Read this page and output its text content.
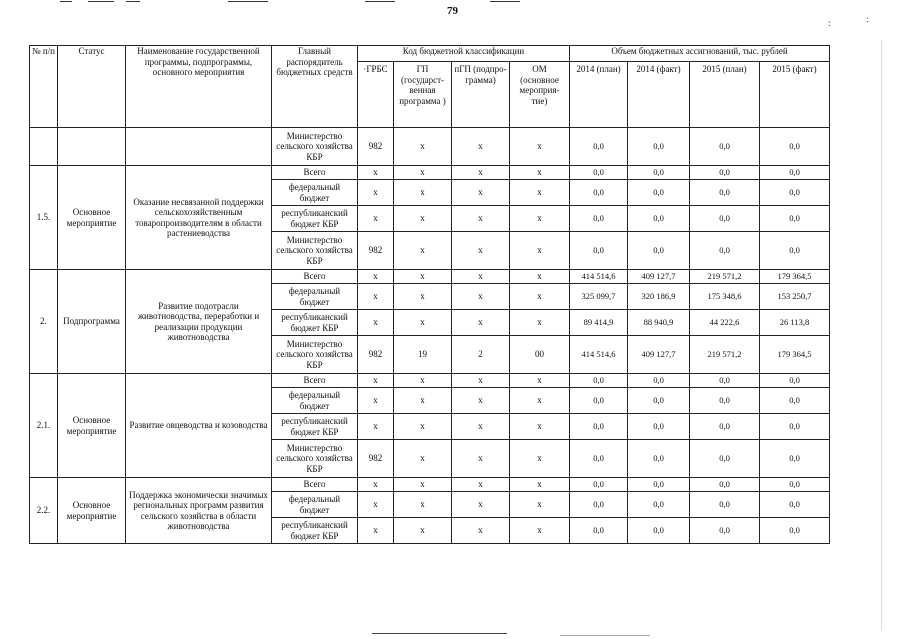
79
:	:
№ п/п	Статус	Наименование государственной программы, подпрограммы, основного мероприятия	Главный распорядитель бюджетных средств	Код бюджетной классификации				Объем бюджетных ассигнований, тыс. рублей			
				·ГРБС	ГП (государст- венная программа )	пГП (подпро- грамма)	ОМ (основное мероприя- тие)	2014 (план)	2014 (факт)	2015 (план)	2015 (факт)
			Министерство сельского хозяйства КБР	982	х	х	х	0,0	0,0	0,0	0,0
1.5.	Основное мероприятие	Оказание несвязанной поддержки сельскохозяйственным товаропроизводителям в области растениеводства	Всего	х	х	х	х	0,0	0,0	0,0	0,0
			федеральный бюджет	х	х	х	х	0,0	0,0	0,0	0,0
			республиканский бюджет КБР	х	х	х	х	0,0	0,0	0,0	0,0
			Министерство сельского хозяйства КБР	982	х	х	х	0,0	0,0	0,0	0,0
2.	Подпрограмма	Развитие подотрасли животноводства, переработки и реализации продукции животноводства	Всего	х	х	х	х	414 514,6	409 127,7	219 571,2	179 364,5
			федеральный бюджет	х	х	х	х	325 099,7	320 186,9	175 348,6	153 250,7
			республиканский бюджет КБР	х	х	х	х	89 414,9	88 940,9	44 222,6	26 113,8
			Министерство сельского хозяйства КБР	982	19	2	00	414 514,6	409 127,7	219 571,2	179 364,5
2.1.	Основное мероприятие	Развитие овцеводства и козоводства	Всего	х	х	х	х	0,0	0,0	0,0	0,0
			федеральный бюджет	х	х	х	х	0,0	0,0	0,0	0,0
			республиканский бюджет КБР	х	х	х	х	0,0	0,0	0,0	0,0
			Министерство сельского хозяйства КБР	982	х	х	х	0,0	0,0	0,0	0,0
2.2.	Основное мероприятие	Поддержка экономически значимых региональных программ развития сельского хозяйства в области животноводства	Всего	х	х	х	х	0,0	0,0	0,0	0,0
			федеральный бюджет	х	х	х	х	0,0	0,0	0,0	0,0
			республиканский бюджет КБР	х	х	х	х	0,0	0,0	0,0	0,0
